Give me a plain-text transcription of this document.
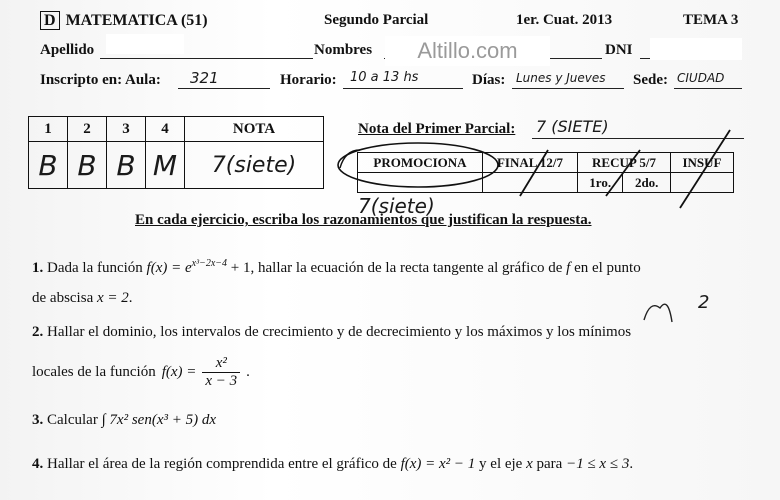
D MATEMATICA (51)	Segundo Parcial	1er. Cuat. 2013	TEMA 3
Apellido	Nombres	Altillo.com	DNI
Inscripto en: Aula: 321	Horario: 10 a 13 hs	Días: Lunes y Jueves Sede: CIUDAD
1	2	3	4	NOTA
B	B	B	M	7(siete)
Nota del Primer Parcial: 7 (SIETE)
PROMOCIONA	FINAL 12/7	RECUP 5/7		INSUF
		1ro.	2do.	
7(siete)
En cada ejercicio, escriba los razonamientos que justifican la respuesta.
1. Dada la función $f(x) = e^{x^3-2x-4} + 1$, hallar la ecuación de la recta tangente al gráfico de f en el punto
de abscisa x = 2.	2
2. Hallar el dominio, los intervalos de crecimiento y de decrecimiento y los máximos y los mínimos
locales de la función $f(x) = \frac{\text{x²}}{x - 3}$ .
3. Calcular ∫ 7x² sen(x³ + 5) dx
4. Hallar el área de la región comprendida entre el gráfico de f(x) = x² − 1 y el eje x para −1 ≤ x ≤ 3.
